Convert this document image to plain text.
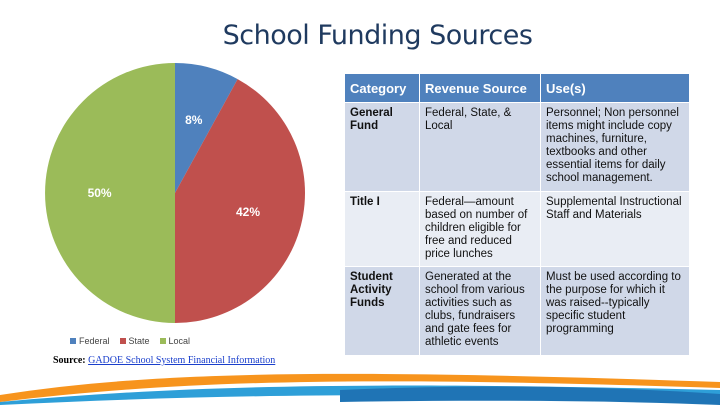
School Funding Sources
8%
42%
50%
Federal State Local
Source: GADOE School System Financial Information
Category	Revenue Source	Use(s)
General Fund	Federal, State, & Local	Personnel; Non personnel items might include copy machines, furniture, textbooks and other essential items for daily school management.
Title I	Federal—amount based on number of children eligible for free and reduced price lunches	Supplemental Instructional Staff and Materials
Student Activity Funds	Generated at the school from various activities such as clubs, fundraisers and gate fees for athletic events	Must be used according to the purpose for which it was raised--typically specific student programming
